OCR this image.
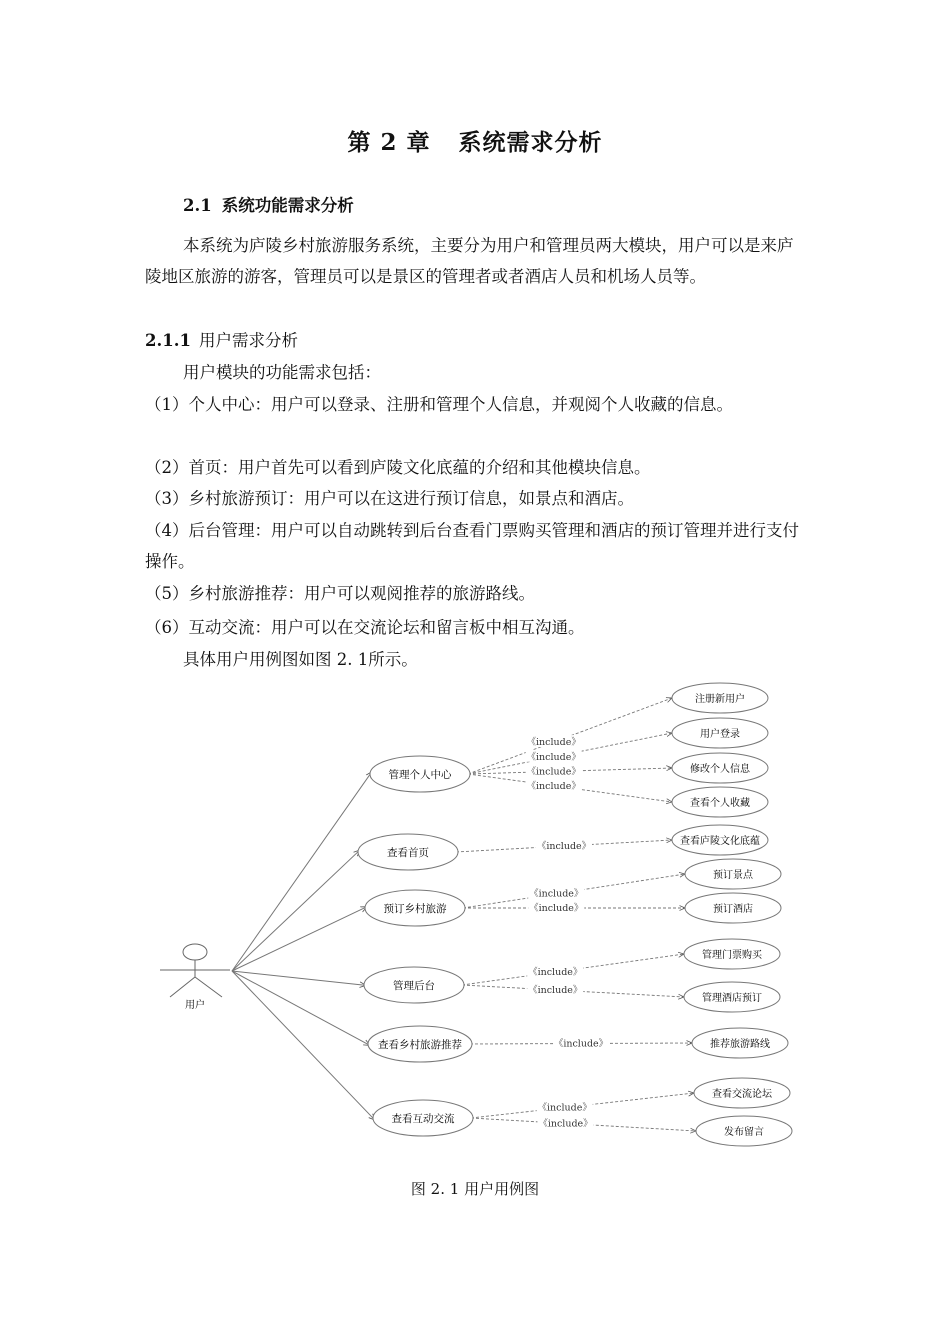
第 2 章 系统需求分析
2.1 系统功能需求分析

本系统为庐陵乡村旅游服务系统，主要分为用户和管理员两大模块，用户可以是来庐陵地区旅游的游客，管理员可以是景区的管理者或者酒店人员和机场人员等。

2.1.1 用户需求分析

用户模块的功能需求包括：

（1）个人中心：用户可以登录、注册和管理个人信息，并观阅个人收藏的信息。

（2）首页：用户首先可以看到庐陵文化底蕴的介绍和其他模块信息。

（3）乡村旅游预订：用户可以在这进行预订信息，如景点和酒店。

（4）后台管理：用户可以自动跳转到后台查看门票购买管理和酒店的预订管理并进行支付操作。

（5）乡村旅游推荐：用户可以观阅推荐的旅游路线。

（6）互动交流：用户可以在交流论坛和留言板中相互沟通。

具体用户用例图如图 2. 1所示。

《include》
《include》
《include》
《include》
《include》
《include》
《include》
《include》
《include》
《include》
《include》
《include》
用户
管理个人中心
注册新用户
用户登录
修改个人信息
查看个人收藏
查看首页
查看庐陵文化底蕴
预订乡村旅游
预订景点
预订酒店
管理后台
管理门票购买
管理酒店预订
查看乡村旅游推荐	推荐旅游路线
查看互动交流
查看交流论坛
发布留言

图 2. 1 用户用例图
